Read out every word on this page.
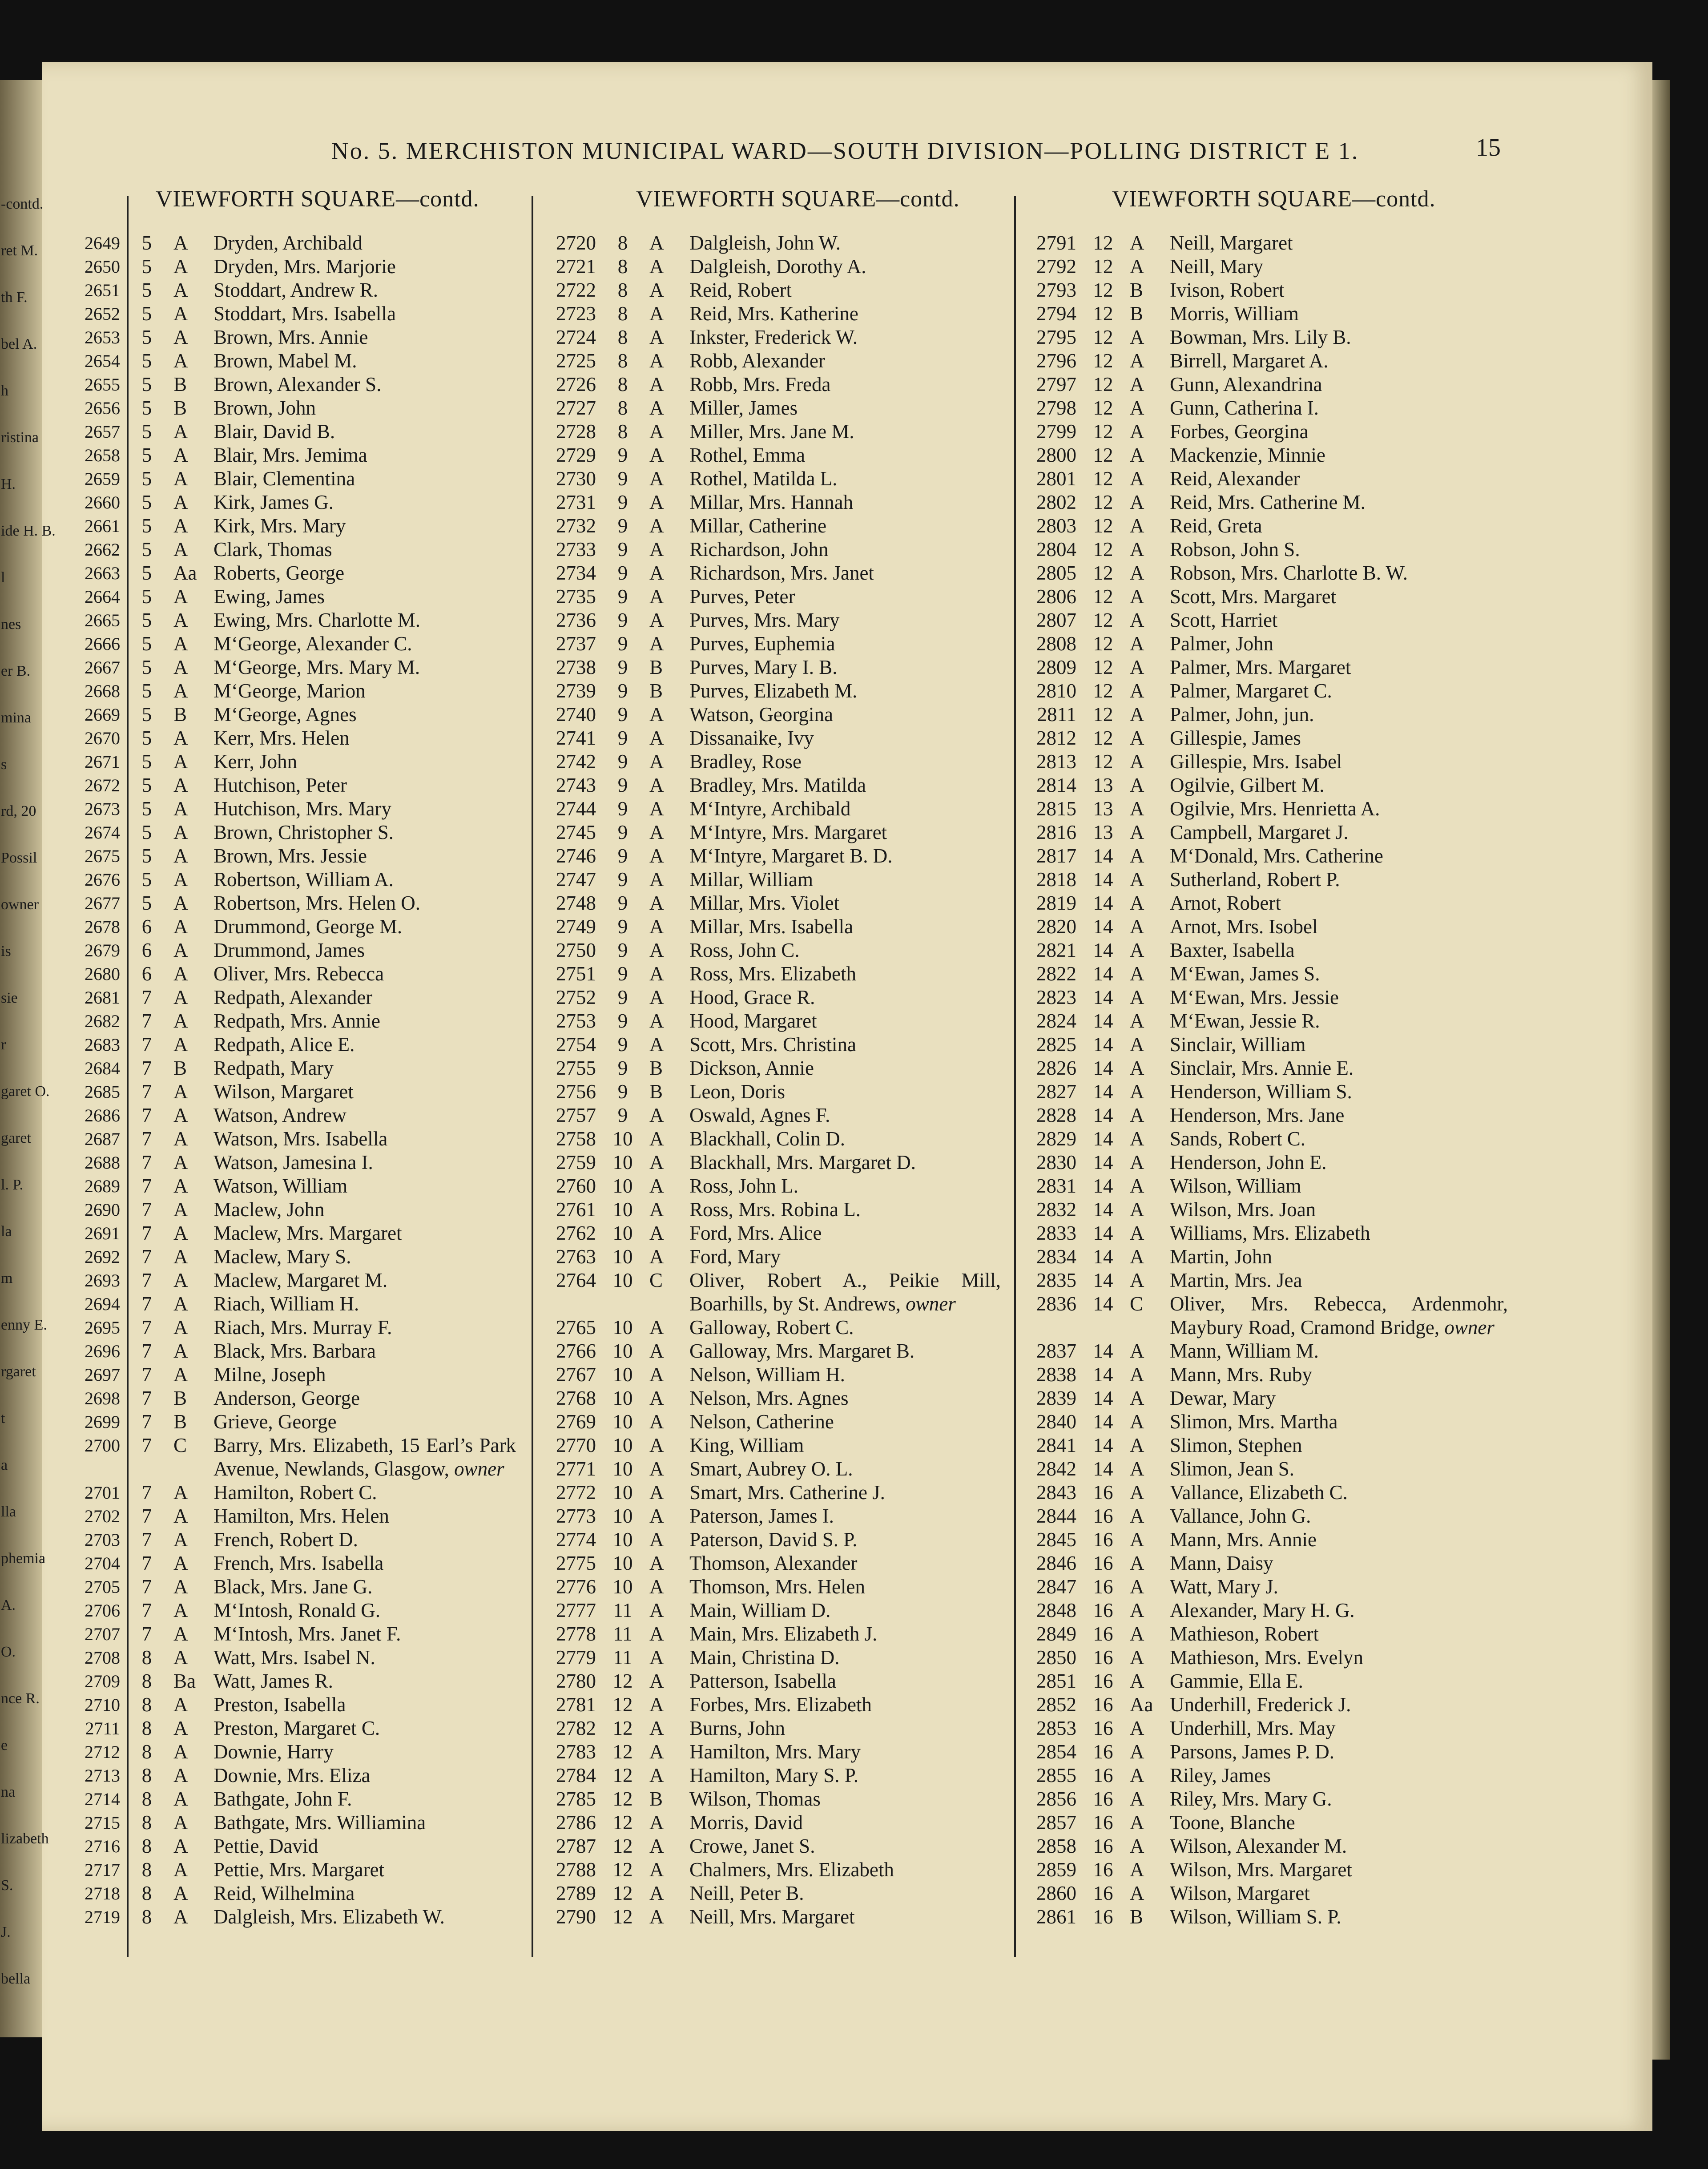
-contd.
ret M.
th F.
bel A.
h
ristina
H.
ide H. B.
l
nes
er B.
mina
s
rd, 20
Possil
owner
is
sie
r
garet O.
garet
l. P.
la
m
enny E.
rgaret
t
a
lla
phemia
A.
O.
nce R.
e
na
lizabeth
S.
J.
bella
No. 5. MERCHISTON MUNICIPAL WARD—SOUTH DIVISION—POLLING DISTRICT E 1.	15
VIEWFORTH SQUARE—contd.	VIEWFORTH SQUARE—contd.	VIEWFORTH SQUARE—contd.
2649	5	A	Dryden, Archibald
2650	5	A	Dryden, Mrs. Marjorie
2651	5	A	Stoddart, Andrew R.
2652	5	A	Stoddart, Mrs. Isabella
2653	5	A	Brown, Mrs. Annie
2654	5	A	Brown, Mabel M.
2655	5	B	Brown, Alexander S.
2656	5	B	Brown, John
2657	5	A	Blair, David B.
2658	5	A	Blair, Mrs. Jemima
2659	5	A	Blair, Clementina
2660	5	A	Kirk, James G.
2661	5	A	Kirk, Mrs. Mary
2662	5	A	Clark, Thomas
2663	5	Aa Roberts, George
2664	5	A	Ewing, James
2665	5	A	Ewing, Mrs. Charlotte M.
2666	5	A	M‘George, Alexander C.
2667	5	A	M‘George, Mrs. Mary M.
2668	5	A	M‘George, Marion
2669	5	B	M‘George, Agnes
2670	5	A	Kerr, Mrs. Helen
2671	5	A	Kerr, John
2672	5	A	Hutchison, Peter
2673	5	A	Hutchison, Mrs. Mary
2674	5	A	Brown, Christopher S.
2675	5	A	Brown, Mrs. Jessie
2676	5	A	Robertson, William A.
2677	5	A	Robertson, Mrs. Helen O.
2678	6	A	Drummond, George M.
2679	6	A	Drummond, James
2680	6	A	Oliver, Mrs. Rebecca
2681	7	A	Redpath, Alexander
2682	7	A	Redpath, Mrs. Annie
2683	7	A	Redpath, Alice E.
2684	7	B	Redpath, Mary
2685	7	A	Wilson, Margaret
2686	7	A	Watson, Andrew
2687	7	A	Watson, Mrs. Isabella
2688	7	A	Watson, Jamesina I.
2689	7	A	Watson, William
2690	7	A	Maclew, John
2691	7	A	Maclew, Mrs. Margaret
2692	7	A	Maclew, Mary S.
2693	7	A	Maclew, Margaret M.
2694	7	A	Riach, William H.
2695	7	A	Riach, Mrs. Murray F.
2696	7	A	Black, Mrs. Barbara
2697	7	A	Milne, Joseph
2698	7	B	Anderson, George
2699	7	B	Grieve, George
2700	7	C	Barry, Mrs. Elizabeth, 15 Earl’s Park Avenue, Newlands, Glasgow, owner
2701	7	A	Hamilton, Robert C.
2702	7	A	Hamilton, Mrs. Helen
2703	7	A	French, Robert D.
2704	7	A	French, Mrs. Isabella
2705	7	A	Black, Mrs. Jane G.
2706	7	A	M‘Intosh, Ronald G.
2707	7	A	M‘Intosh, Mrs. Janet F.
2708	8	A	Watt, Mrs. Isabel N.
2709	8	Ba Watt, James R.
2710	8	A	Preston, Isabella
2711	8	A	Preston, Margaret C.
2712	8	A	Downie, Harry
2713	8	A	Downie, Mrs. Eliza
2714	8	A	Bathgate, John F.
2715	8	A	Bathgate, Mrs. Williamina
2716	8	A	Pettie, David
2717	8	A	Pettie, Mrs. Margaret
2718	8	A	Reid, Wilhelmina
2719	8	A	Dalgleish, Mrs. Elizabeth W.
2720	8	A	Dalgleish, John W.
2721	8	A	Dalgleish, Dorothy A.
2722	8	A	Reid, Robert
2723	8	A	Reid, Mrs. Katherine
2724	8	A	Inkster, Frederick W.
2725	8	A	Robb, Alexander
2726	8	A	Robb, Mrs. Freda
2727	8	A	Miller, James
2728	8	A	Miller, Mrs. Jane M.
2729	9	A	Rothel, Emma
2730	9	A	Rothel, Matilda L.
2731	9	A	Millar, Mrs. Hannah
2732	9	A	Millar, Catherine
2733	9	A	Richardson, John
2734	9	A	Richardson, Mrs. Janet
2735	9	A	Purves, Peter
2736	9	A	Purves, Mrs. Mary
2737	9	A	Purves, Euphemia
2738	9	B	Purves, Mary I. B.
2739	9	B	Purves, Elizabeth M.
2740	9	A	Watson, Georgina
2741	9	A	Dissanaike, Ivy
2742	9	A	Bradley, Rose
2743	9	A	Bradley, Mrs. Matilda
2744	9	A	M‘Intyre, Archibald
2745	9	A	M‘Intyre, Mrs. Margaret
2746	9	A	M‘Intyre, Margaret B. D.
2747	9	A	Millar, William
2748	9	A	Millar, Mrs. Violet
2749	9	A	Millar, Mrs. Isabella
2750	9	A	Ross, John C.
2751	9	A	Ross, Mrs. Elizabeth
2752	9	A	Hood, Grace R.
2753	9	A	Hood, Margaret
2754	9	A	Scott, Mrs. Christina
2755	9	B	Dickson, Annie
2756	9	B	Leon, Doris
2757	9	A	Oswald, Agnes F.
2758 10 A	Blackhall, Colin D.
2759 10 A	Blackhall, Mrs. Margaret D.
2760 10 A	Ross, John L.
2761 10 A	Ross, Mrs. Robina L.
2762 10 A	Ford, Mrs. Alice
2763 10 A	Ford, Mary
2764 10 C	Oliver, Robert A., Peikie Mill, Boarhills, by St. Andrews, owner
2765 10 A	Galloway, Robert C.
2766 10 A	Galloway, Mrs. Margaret B.
2767 10 A	Nelson, William H.
2768 10 A	Nelson, Mrs. Agnes
2769 10 A	Nelson, Catherine
2770 10 A	King, William
2771 10 A	Smart, Aubrey O. L.
2772 10 A	Smart, Mrs. Catherine J.
2773 10 A	Paterson, James I.
2774 10 A	Paterson, David S. P.
2775 10 A	Thomson, Alexander
2776 10 A	Thomson, Mrs. Helen
2777 11 A	Main, William D.
2778 11 A	Main, Mrs. Elizabeth J.
2779 11 A	Main, Christina D.
2780 12 A	Patterson, Isabella
2781 12 A	Forbes, Mrs. Elizabeth
2782 12 A	Burns, John
2783 12 A	Hamilton, Mrs. Mary
2784 12 A	Hamilton, Mary S. P.
2785 12 B	Wilson, Thomas
2786 12 A	Morris, David
2787 12 A	Crowe, Janet S.
2788 12 A	Chalmers, Mrs. Elizabeth
2789 12 A	Neill, Peter B.
2790 12 A	Neill, Mrs. Margaret
2791 12 A	Neill, Margaret
2792 12 A	Neill, Mary
2793 12 B	Ivison, Robert
2794 12 B	Morris, William
2795 12 A	Bowman, Mrs. Lily B.
2796 12 A	Birrell, Margaret A.
2797 12 A	Gunn, Alexandrina
2798 12 A	Gunn, Catherina I.
2799 12 A	Forbes, Georgina
2800 12 A	Mackenzie, Minnie
2801 12 A	Reid, Alexander
2802 12 A	Reid, Mrs. Catherine M.
2803 12 A	Reid, Greta
2804 12 A	Robson, John S.
2805 12 A	Robson, Mrs. Charlotte B. W.
2806 12 A	Scott, Mrs. Margaret
2807 12 A	Scott, Harriet
2808 12 A	Palmer, John
2809 12 A	Palmer, Mrs. Margaret
2810 12 A	Palmer, Margaret C.
2811 12 A	Palmer, John, jun.
2812 12 A	Gillespie, James
2813 12 A	Gillespie, Mrs. Isabel
2814 13 A	Ogilvie, Gilbert M.
2815 13 A	Ogilvie, Mrs. Henrietta A.
2816 13 A	Campbell, Margaret J.
2817 14 A	M‘Donald, Mrs. Catherine
2818 14 A	Sutherland, Robert P.
2819 14 A	Arnot, Robert
2820 14 A	Arnot, Mrs. Isobel
2821 14 A	Baxter, Isabella
2822 14 A	M‘Ewan, James S.
2823 14 A	M‘Ewan, Mrs. Jessie
2824 14 A	M‘Ewan, Jessie R.
2825 14 A	Sinclair, William
2826 14 A	Sinclair, Mrs. Annie E.
2827 14 A	Henderson, William S.
2828 14 A	Henderson, Mrs. Jane
2829 14 A	Sands, Robert C.
2830 14 A	Henderson, John E.
2831 14 A	Wilson, William
2832 14 A	Wilson, Mrs. Joan
2833 14 A	Williams, Mrs. Elizabeth
2834 14 A	Martin, John
2835 14 A	Martin, Mrs. Jea
2836 14 C	Oliver, Mrs. Rebecca, Ardenmohr, Maybury Road, Cramond Bridge, owner
2837 14 A	Mann, William M.
2838 14 A	Mann, Mrs. Ruby
2839 14 A	Dewar, Mary
2840 14 A	Slimon, Mrs. Martha
2841 14 A	Slimon, Stephen
2842 14 A	Slimon, Jean S.
2843 16 A	Vallance, Elizabeth C.
2844 16 A	Vallance, John G.
2845 16 A	Mann, Mrs. Annie
2846 16 A	Mann, Daisy
2847 16 A	Watt, Mary J.
2848 16 A	Alexander, Mary H. G.
2849 16 A	Mathieson, Robert
2850 16 A	Mathieson, Mrs. Evelyn
2851 16 A	Gammie, Ella E.
2852 16 Aa Underhill, Frederick J.
2853 16 A	Underhill, Mrs. May
2854 16 A	Parsons, James P. D.
2855 16 A	Riley, James
2856 16 A	Riley, Mrs. Mary G.
2857 16 A	Toone, Blanche
2858 16 A	Wilson, Alexander M.
2859 16 A	Wilson, Mrs. Margaret
2860 16 A	Wilson, Margaret
2861 16 B	Wilson, William S. P.
